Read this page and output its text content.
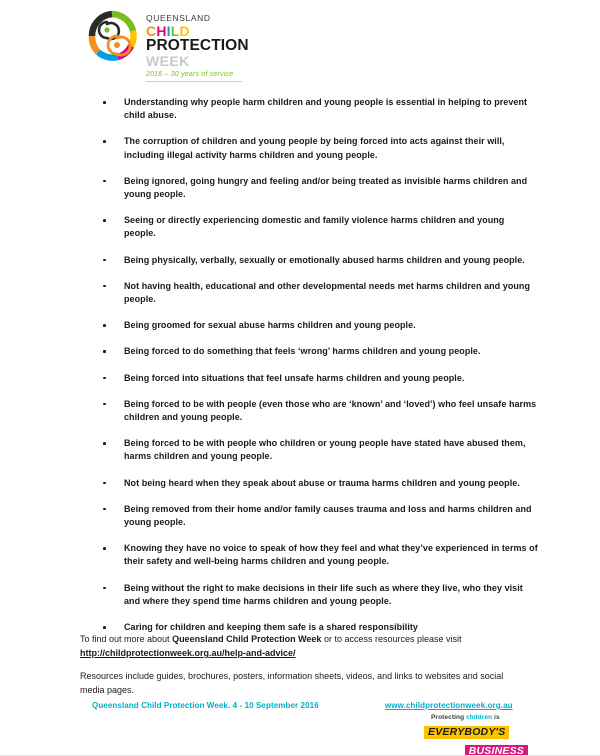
QUEENSLAND
CHILD
PROTECTION
WEEK
2016 – 30 years of service
Understanding why people harm children and young people is essential in helping to prevent child abuse.
The corruption of children and young people by being forced into acts against their will, including illegal activity harms children and young people.
Being ignored, going hungry and feeling and/or being treated as invisible harms children and young people.
Seeing or directly experiencing domestic and family violence harms children and young people.
Being physically, verbally, sexually or emotionally abused harms children and young people.
Not having health, educational and other developmental needs met harms children and young people.
Being groomed for sexual abuse harms children and young people.
Being forced to do something that feels ‘wrong’ harms children and young people.
Being forced into situations that feel unsafe harms children and young people.
Being forced to be with people (even those who are ‘known’ and ‘loved’) who feel unsafe harms children and young people.
Being forced to be with people who children or young people have stated have abused them, harms children and young people.
Not being heard when they speak about abuse or trauma harms children and young people.
Being removed from their home and/or family causes trauma and loss and harms children and young people.
Knowing they have no voice to speak of how they feel and what they’ve experienced in terms of their safety and well-being harms children and young people.
Being without the right to make decisions in their life such as where they live, who they visit and where they spend time harms children and young people.
Caring for children and keeping them safe is a shared responsibility

To find out more about Queensland Child Protection Week or to access resources please visit

http://childprotectionweek.org.au/help-and-advice/

Resources include guides, brochures, posters, information sheets, videos, and links to websites and social media pages.

Queensland Child Protection Week. 4 - 10 September 2016	www.childprotectionweek.org.au
Protecting children is
EVERYBODY'S
BUSINESS
